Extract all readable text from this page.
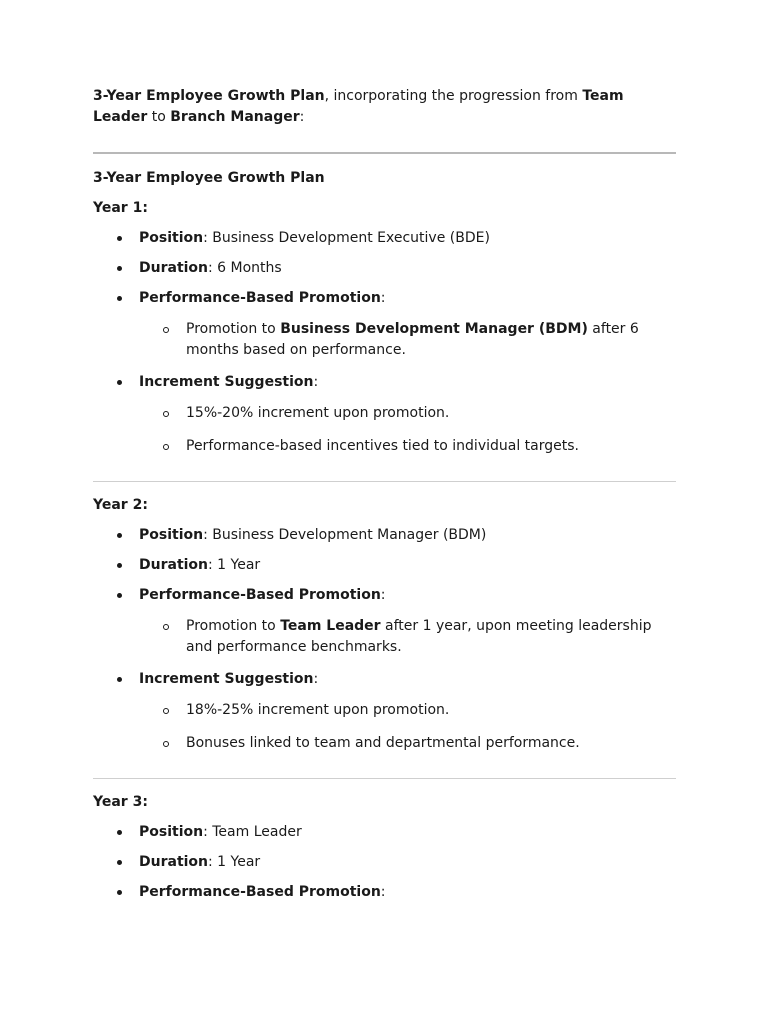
3-Year Employee Growth Plan, incorporating the progression from Team Leader to Branch Manager:

3-Year Employee Growth Plan

Year 1:

Position: Business Development Executive (BDE)
Duration: 6 Months
Performance-Based Promotion:
Promotion to Business Development Manager (BDM) after 6 months based on performance.
Increment Suggestion:
15%-20% increment upon promotion.
Performance-based incentives tied to individual targets.

Year 2:

Position: Business Development Manager (BDM)
Duration: 1 Year
Performance-Based Promotion:
Promotion to Team Leader after 1 year, upon meeting leadership and performance benchmarks.
Increment Suggestion:
18%-25% increment upon promotion.
Bonuses linked to team and departmental performance.

Year 3:

Position: Team Leader
Duration: 1 Year
Performance-Based Promotion:
